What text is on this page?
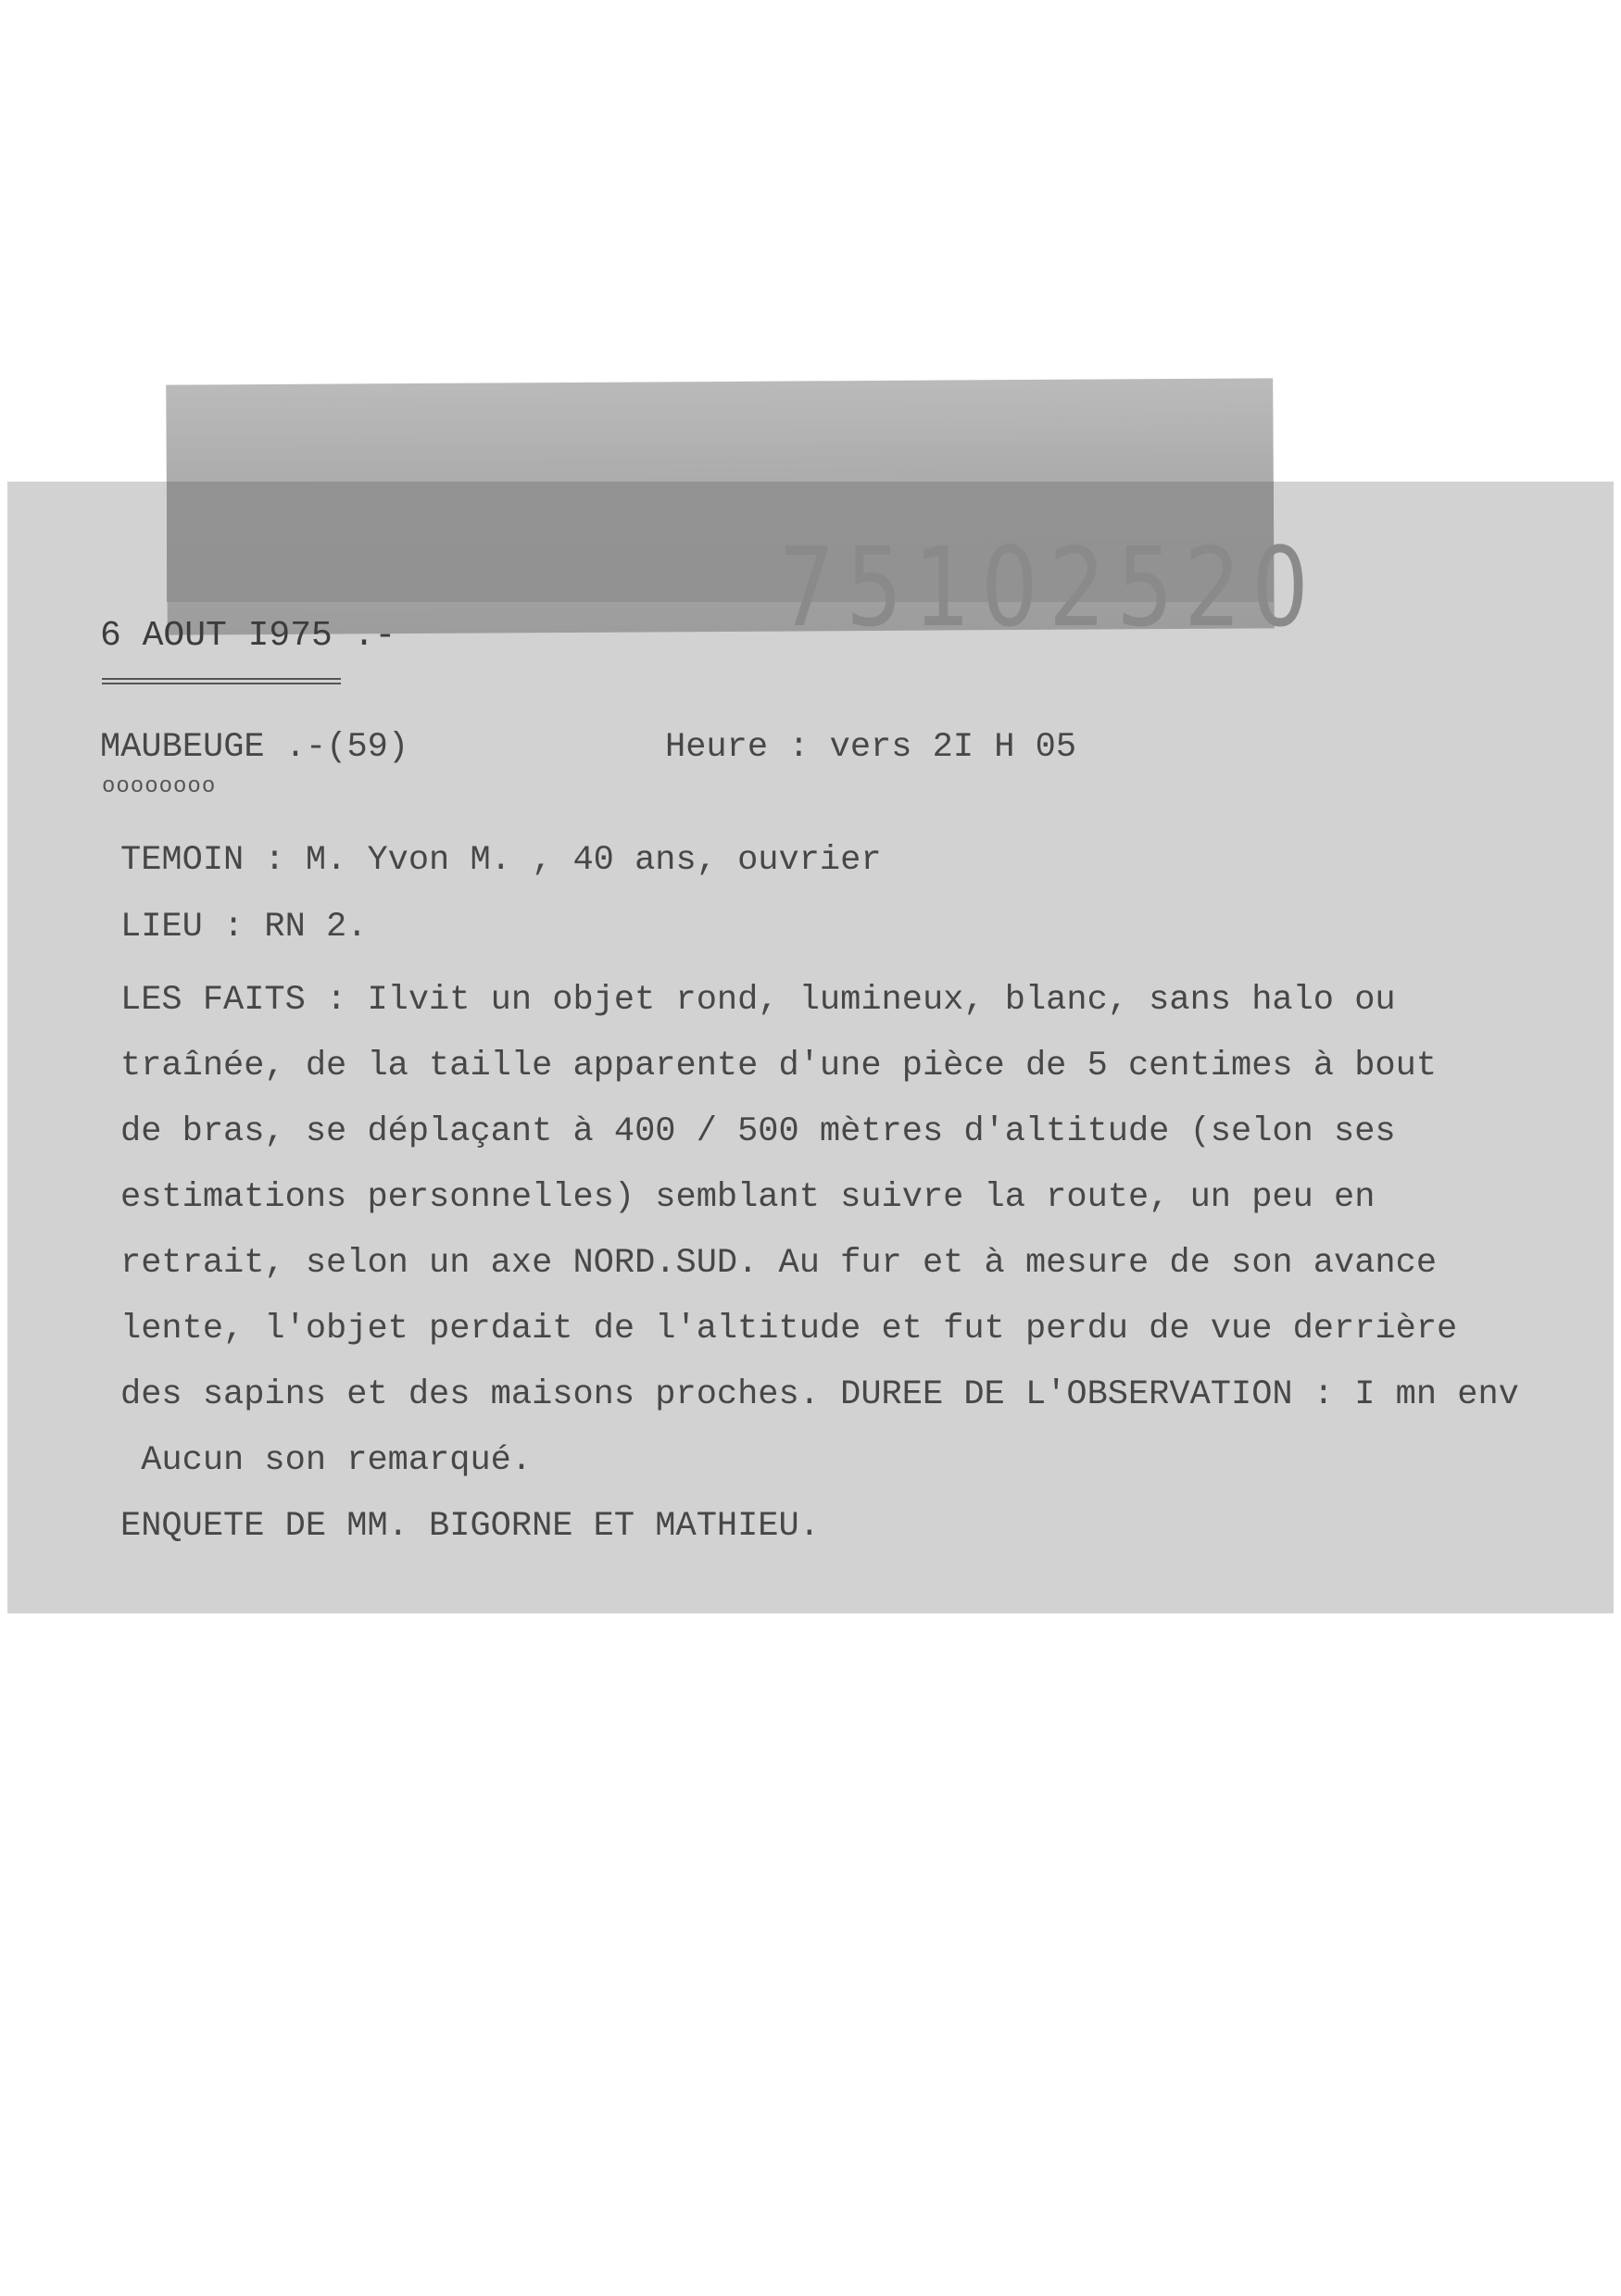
75102520
6 AOUT I975 .-
MAUBEUGE .-(59)	Heure : vers 2I H 05
oooooooo
TEMOIN : M. Yvon M. , 40 ans, ouvrier
LIEU : RN 2.
LES FAITS : Ilvit un objet rond, lumineux, blanc, sans halo ou
traînée, de la taille apparente d'une pièce de 5 centimes à bout
de bras, se déplaçant à 400 / 500 mètres d'altitude (selon ses
estimations personnelles) semblant suivre la route, un peu en
retrait, selon un axe NORD.SUD. Au fur et à mesure de son avance
lente, l'objet perdait de l'altitude et fut perdu de vue derrière
des sapins et des maisons proches. DUREE DE L'OBSERVATION : I mn env
Aucun son remarqué.
ENQUETE DE MM. BIGORNE ET MATHIEU.
